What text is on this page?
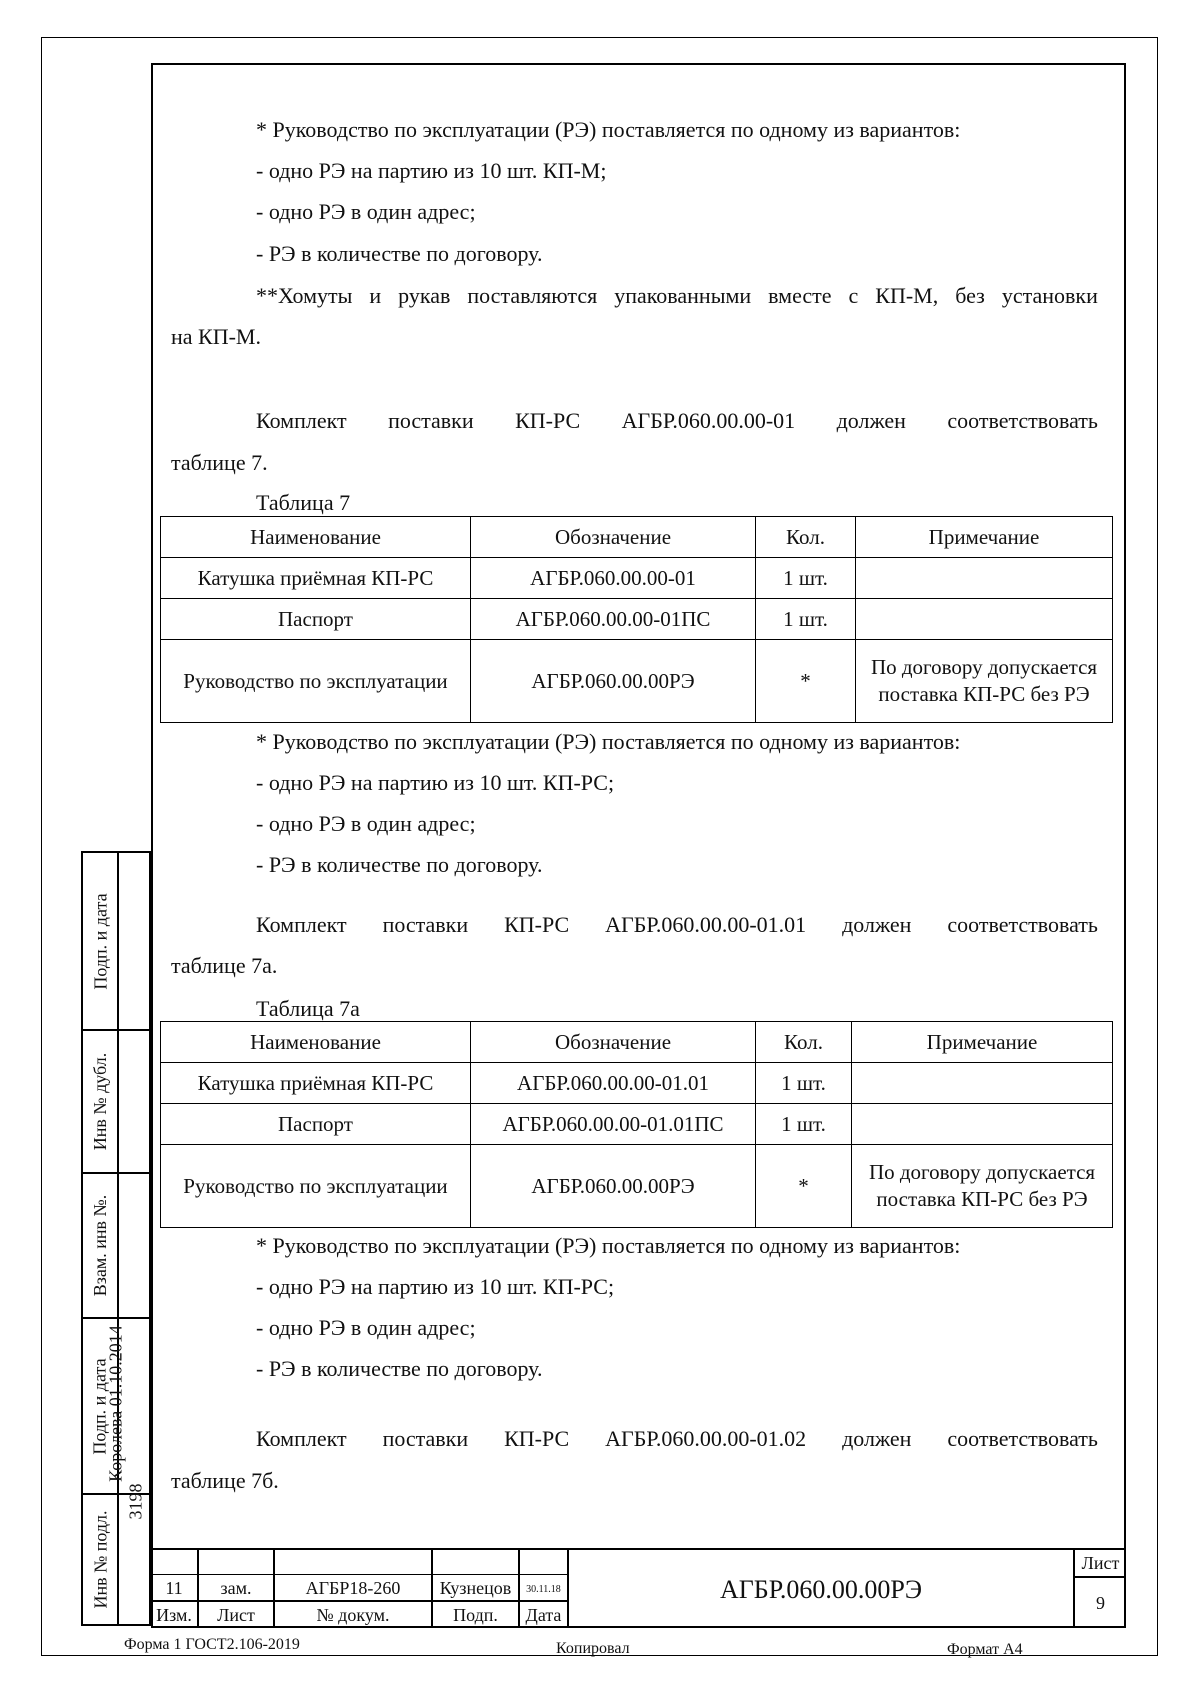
* Руководство по эксплуатации (РЭ) поставляется по одному из вариантов:
- одно РЭ на партию из 10 шт. КП-М;
- одно РЭ в один адрес;
- РЭ в количестве по договору.
**Хомуты и рукав поставляются упакованными вместе с КП-М, без установки
на КП-М.
Комплект поставки КП-РС АГБР.060.00.00-01 должен соответствовать
таблице 7.
Таблица 7
Наименование	Обозначение	Кол.	Примечание
Катушка приёмная КП-РС	АГБР.060.00.00-01	1 шт.	
Паспорт	АГБР.060.00.00-01ПС	1 шт.	
Руководство по эксплуатации	АГБР.060.00.00РЭ	*	По договору допускается поставка КП-РС без РЭ
* Руководство по эксплуатации (РЭ) поставляется по одному из вариантов:
- одно РЭ на партию из 10 шт. КП-РС;
- одно РЭ в один адрес;
- РЭ в количестве по договору.
Комплект поставки КП-РС АГБР.060.00.00-01.01 должен соответствовать
таблице 7а.
Таблица 7а
Наименование	Обозначение	Кол.	Примечание
Катушка приёмная КП-РС	АГБР.060.00.00-01.01	1 шт.	
Паспорт	АГБР.060.00.00-01.01ПС	1 шт.	
Руководство по эксплуатации	АГБР.060.00.00РЭ	*	По договору допускается поставка КП-РС без РЭ
* Руководство по эксплуатации (РЭ) поставляется по одному из вариантов:
- одно РЭ на партию из 10 шт. КП-РС;
- одно РЭ в один адрес;
- РЭ в количестве по договору.
Комплект поставки КП-РС АГБР.060.00.00-01.02 должен соответствовать
таблице 7б.
Подп. и дата
Инв № дубл.
Взам. инв №.
Подп. и дата
Королева 01.10.2014
Инв № подл.
3198
11	зам.	АГБР18-260	Кузнецов	30.11.18
Изм.	Лист	№ докум.	Подп.	Дата
АГБР.060.00.00РЭ
Лист
9
Форма 1 ГОСТ2.106-2019	Копировал	Формат А4
